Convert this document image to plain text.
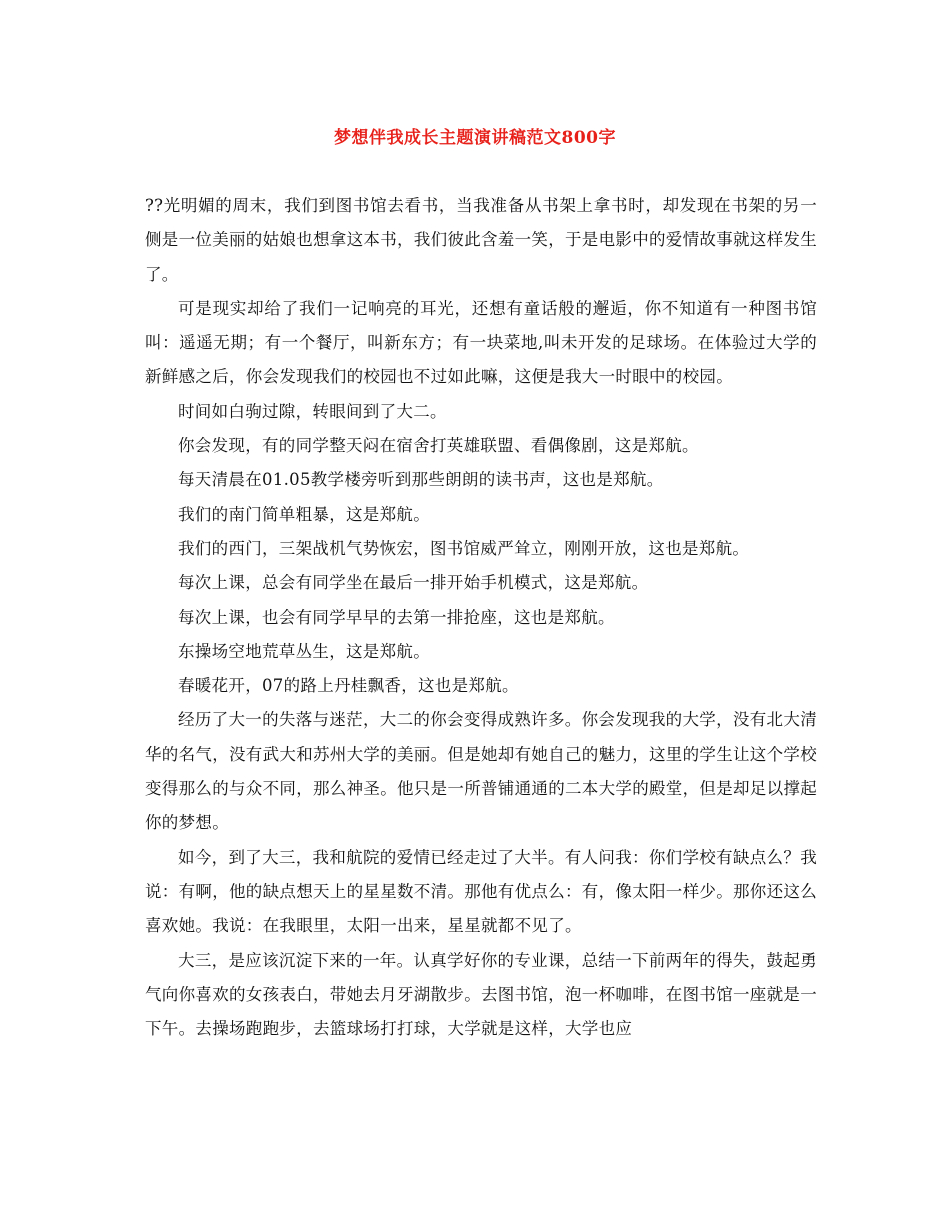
梦想伴我成长主题演讲稿范文800字

??光明媚的周末，我们到图书馆去看书，当我准备从书架上拿书时，却发现在书架的另一侧是一位美丽的姑娘也想拿这本书，我们彼此含羞一笑，于是电影中的爱情故事就这样发生了。

可是现实却给了我们一记响亮的耳光，还想有童话般的邂逅，你不知道有一种图书馆叫：遥遥无期；有一个餐厅，叫新东方；有一块菜地,叫未开发的足球场。在体验过大学的新鲜感之后，你会发现我们的校园也不过如此嘛，这便是我大一时眼中的校园。

时间如白驹过隙，转眼间到了大二。

你会发现，有的同学整天闷在宿舍打英雄联盟、看偶像剧，这是郑航。

每天清晨在01.05教学楼旁听到那些朗朗的读书声，这也是郑航。

我们的南门简单粗暴，这是郑航。

我们的西门，三架战机气势恢宏，图书馆威严耸立，刚刚开放，这也是郑航。

每次上课，总会有同学坐在最后一排开始手机模式，这是郑航。

每次上课，也会有同学早早的去第一排抢座，这也是郑航。

东操场空地荒草丛生，这是郑航。

春暖花开，07的路上丹桂飘香，这也是郑航。

经历了大一的失落与迷茫，大二的你会变得成熟许多。你会发现我的大学，没有北大清华的名气，没有武大和苏州大学的美丽。但是她却有她自己的魅力，这里的学生让这个学校变得那么的与众不同，那么神圣。他只是一所普铺通通的二本大学的殿堂，但是却足以撑起你的梦想。

如今，到了大三，我和航院的爱情已经走过了大半。有人问我：你们学校有缺点么？我说：有啊，他的缺点想天上的星星数不清。那他有优点么：有，像太阳一样少。那你还这么喜欢她。我说：在我眼里，太阳一出来，星星就都不见了。

大三，是应该沉淀下来的一年。认真学好你的专业课，总结一下前两年的得失，鼓起勇气向你喜欢的女孩表白，带她去月牙湖散步。去图书馆，泡一杯咖啡，在图书馆一座就是一下午。去操场跑跑步，去篮球场打打球，大学就是这样，大学也应
